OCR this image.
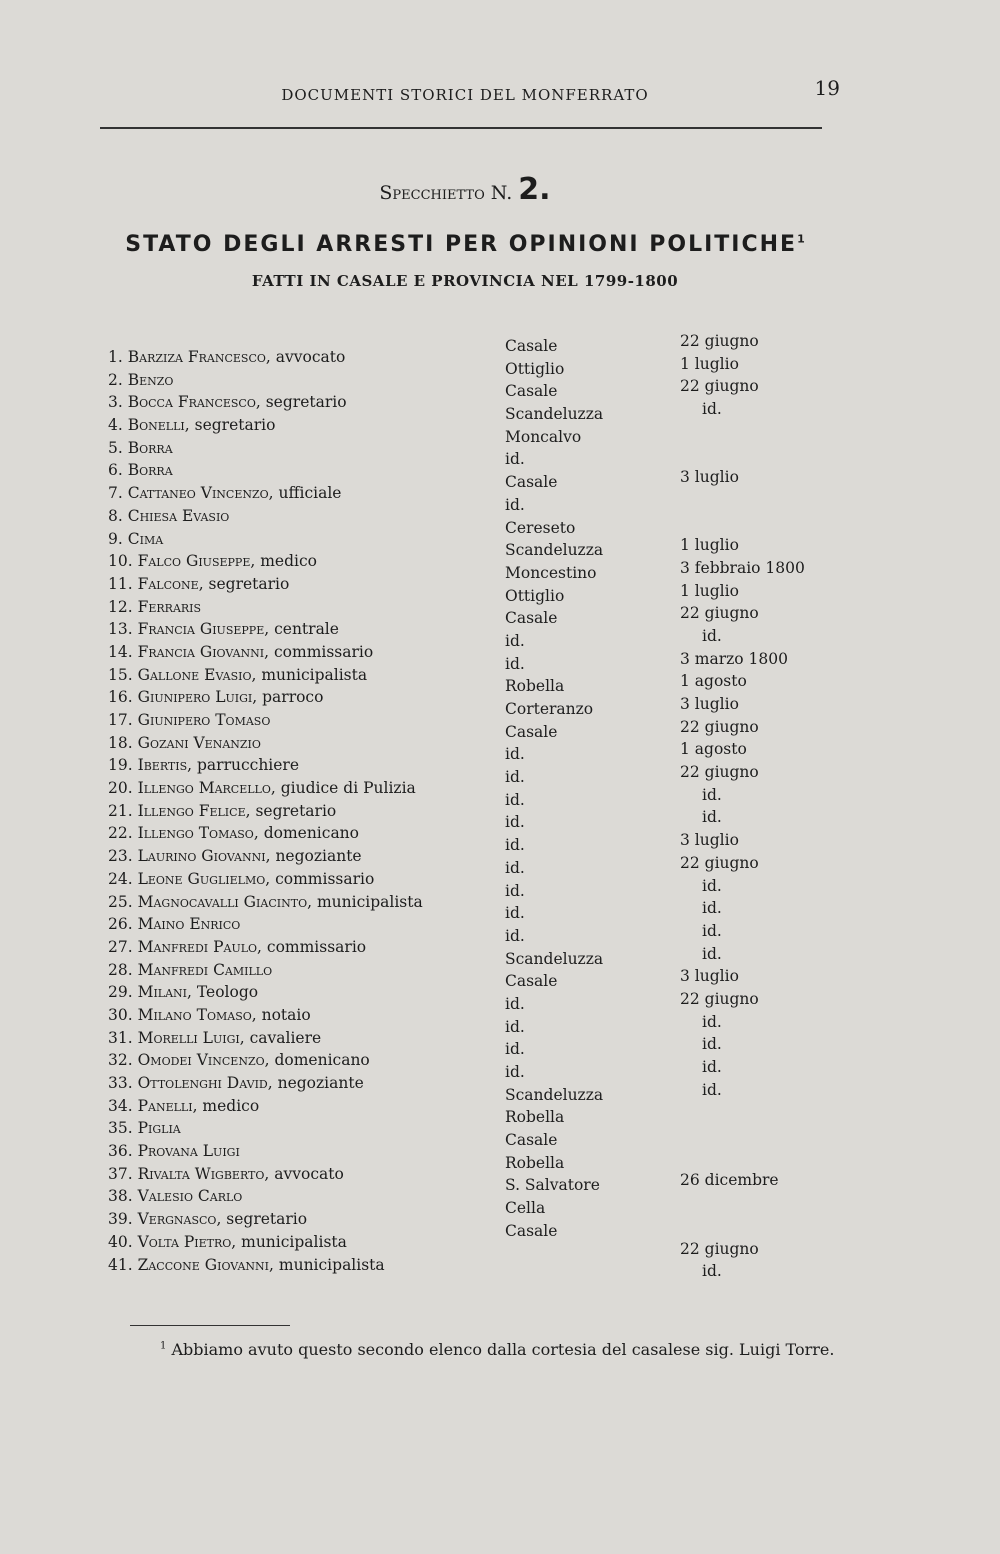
DOCUMENTI STORICI DEL MONFERRATO	19
Specchietto N. 2.
STATO DEGLI ARRESTI PER OPINIONI POLITICHE$^1$
FATTI IN CASALE E PROVINCIA NEL 1799-1800
1. Barziza Francesco, avvocato
2. Benzo
3. Bocca Francesco, segretario
4. Bonelli, segretario
5. Borra
6. Borra
7. Cattaneo Vincenzo, ufficiale
8. Chiesa Evasio
9. Cima
10. Falco Giuseppe, medico
11. Falcone, segretario
12. Ferraris
13. Francia Giuseppe, centrale
14. Francia Giovanni, commissario
15. Gallone Evasio, municipalista
16. Giunipero Luigi, parroco
17. Giunipero Tomaso
18. Gozani Venanzio
19. Ibertis, parrucchiere
20. Illengo Marcello, giudice di Pulizia
21. Illengo Felice, segretario
22. Illengo Tomaso, domenicano
23. Laurino Giovanni, negoziante
24. Leone Guglielmo, commissario
25. Magnocavalli Giacinto, municipalista
26. Maino Enrico
27. Manfredi Paulo, commissario
28. Manfredi Camillo
29. Milani, Teologo
30. Milano Tomaso, notaio
31. Morelli Luigi, cavaliere
32. Omodei Vincenzo, domenicano
33. Ottolenghi David, negoziante
34. Panelli, medico
35. Piglia
36. Provana Luigi
37. Rivalta Wigberto, avvocato
38. Valesio Carlo
39. Vergnasco, segretario
40. Volta Pietro, municipalista
41. Zaccone Giovanni, municipalista
Casale
Ottiglio
Casale
Scandeluzza
Moncalvo
id.
Casale
id.
Cereseto
Scandeluzza
Moncestino
Ottiglio
Casale
id.
id.
Robella
Corteranzo
Casale
id.
id.
id.
id.
id.
id.
id.
id.
id.
Scandeluzza
Casale
id.
id.
id.
id.
Scandeluzza
Robella
Casale
Robella
S. Salvatore
Cella
Casale
22 giugno
1 luglio
22 giugno
id.
3 luglio
1 luglio
3 febbraio 1800
1 luglio
22 giugno
id.
3 marzo 1800
1 agosto
3 luglio
22 giugno
1 agosto
22 giugno
id.
id.
3 luglio
22 giugno
id.
id.
id.
id.
3 luglio
22 giugno
id.
id.
id.
id.
26 dicembre
22 giugno
id.
$^1$ Abbiamo avuto questo secondo elenco dalla cortesia del casalese sig. Luigi Torre.
